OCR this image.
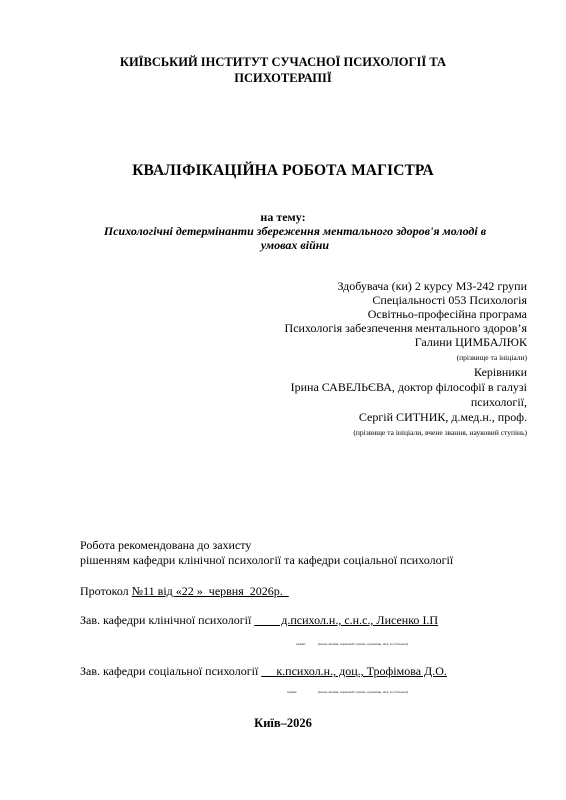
КИЇВСЬКИЙ ІНСТИТУТ СУЧАСНОЇ ПСИХОЛОГІЇ ТА
ПСИХОТЕРАПІЇ
КВАЛІФІКАЦІЙНА РОБОТА МАГІСТРА
на тему:
Психологічні детермінанти збереження ментального здоров'я молоді в
умовах війни
Здобувача (ки) 2 курсу МЗ-242 групи
Спеціальності 053 Психологія
Освітньо-професійна програма
Психологія забезпечення ментального здоров’я
Галини ЦИМБАЛЮК
(прізвище та ініціали)
Керівники
Ірина САВЕЛЬЄВА, доктор філософії в галузі
психології,
Сергій СИТНИК, д.мед.н., проф.
(прізвище та ініціали, вчене звання, науковий ступінь)
Робота рекомендована до захисту
рішенням кафедри клінічної психології та кафедри соціальної психології
Протокол №11 від «22 »  червня  2026р.
Зав. кафедри клінічної психології          д.психол.н., с.н.с., Лисенко І.П
підпис	(вчене звання, науковий ступінь, прізвище, ім'я, по батькові)
Зав. кафедри соціальної психології      к.психол.н., доц., Трофімова Д.О.
підпис	(вчене звання, науковий ступінь, прізвище, ім'я, по батькові)
Київ–2026
